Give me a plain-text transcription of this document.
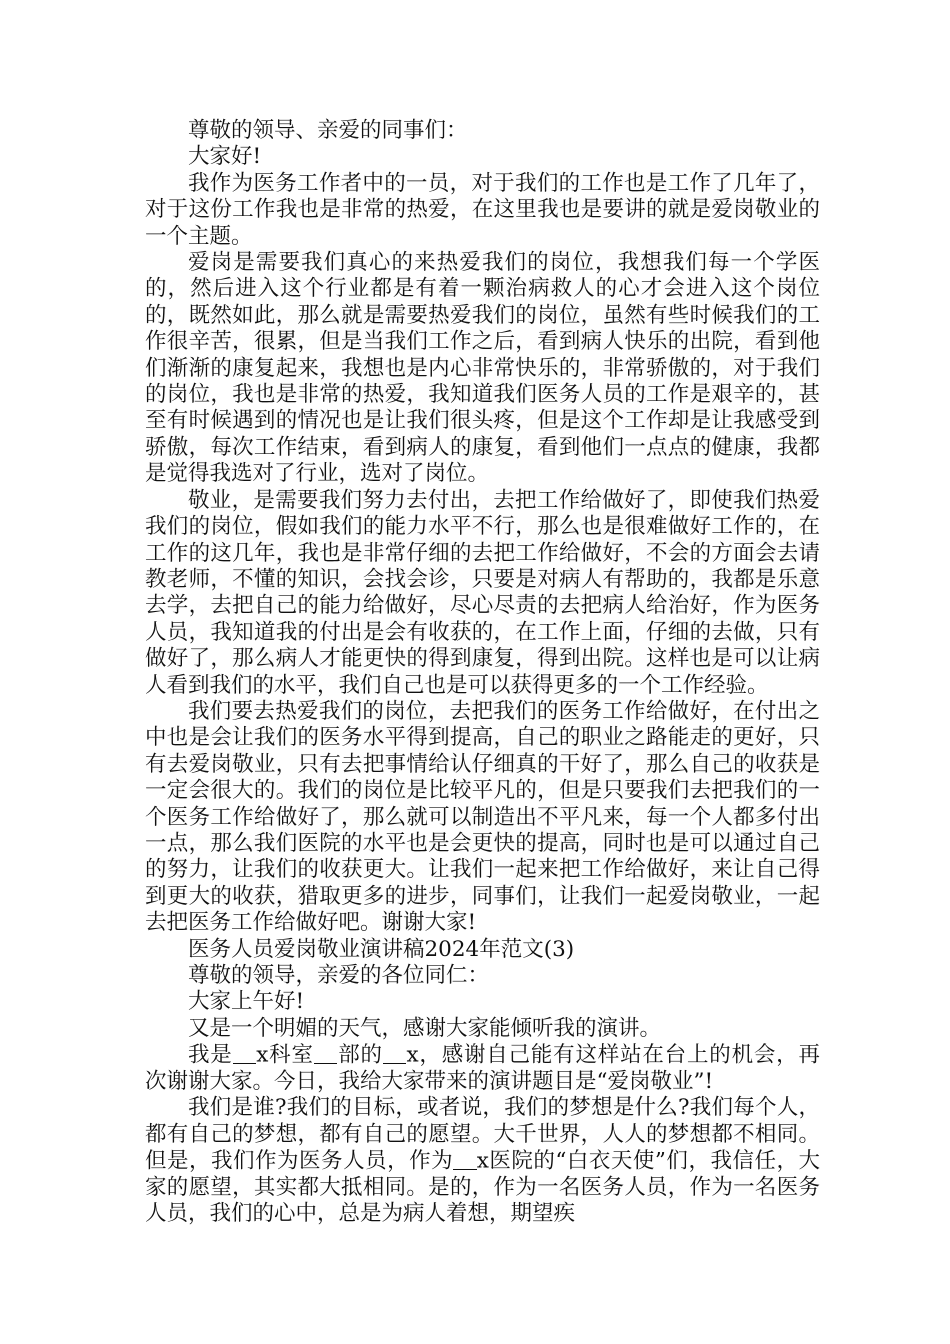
尊敬的领导、亲爱的同事们：

大家好!

我作为医务工作者中的一员，对于我们的工作也是工作了几年了，对于这份工作我也是非常的热爱，在这里我也是要讲的就是爱岗敬业的一个主题。

爱岗是需要我们真心的来热爱我们的岗位，我想我们每一个学医的，然后进入这个行业都是有着一颗治病救人的心才会进入这个岗位的，既然如此，那么就是需要热爱我们的岗位，虽然有些时候我们的工作很辛苦，很累，但是当我们工作之后，看到病人快乐的出院，看到他们渐渐的康复起来，我想也是内心非常快乐的，非常骄傲的，对于我们的岗位，我也是非常的热爱，我知道我们医务人员的工作是艰辛的，甚至有时候遇到的情况也是让我们很头疼，但是这个工作却是让我感受到骄傲，每次工作结束，看到病人的康复，看到他们一点点的健康，我都是觉得我选对了行业，选对了岗位。

敬业，是需要我们努力去付出，去把工作给做好了，即使我们热爱我们的岗位，假如我们的能力水平不行，那么也是很难做好工作的，在工作的这几年，我也是非常仔细的去把工作给做好，不会的方面会去请教老师，不懂的知识，会找会诊，只要是对病人有帮助的，我都是乐意去学，去把自己的能力给做好，尽心尽责的去把病人给治好，作为医务人员，我知道我的付出是会有收获的，在工作上面，仔细的去做，只有做好了，那么病人才能更快的得到康复，得到出院。这样也是可以让病人看到我们的水平，我们自己也是可以获得更多的一个工作经验。

我们要去热爱我们的岗位，去把我们的医务工作给做好，在付出之中也是会让我们的医务水平得到提高，自己的职业之路能走的更好，只有去爱岗敬业，只有去把事情给认仔细真的干好了，那么自己的收获是一定会很大的。我们的岗位是比较平凡的，但是只要我们去把我们的一个医务工作给做好了，那么就可以制造出不平凡来，每一个人都多付出一点，那么我们医院的水平也是会更快的提高，同时也是可以通过自己的努力，让我们的收获更大。让我们一起来把工作给做好，来让自己得到更大的收获，猎取更多的进步，同事们，让我们一起爱岗敬业，一起去把医务工作给做好吧。谢谢大家!

医务人员爱岗敬业演讲稿2024年范文(3)

尊敬的领导，亲爱的各位同仁：

大家上午好!

又是一个明媚的天气，感谢大家能倾听我的演讲。

我是 x科室 部的 x，感谢自己能有这样站在台上的机会，再次谢谢大家。今日，我给大家带来的演讲题目是“爱岗敬业”!

我们是谁?我们的目标，或者说，我们的梦想是什么?我们每个人，都有自己的梦想，都有自己的愿望。大千世界，人人的梦想都不相同。但是，我们作为医务人员，作为 x医院的“白衣天使”们，我信任，大家的愿望，其实都大抵相同。是的，作为一名医务人员，作为一名医务人员，我们的心中，总是为病人着想，期望疾
